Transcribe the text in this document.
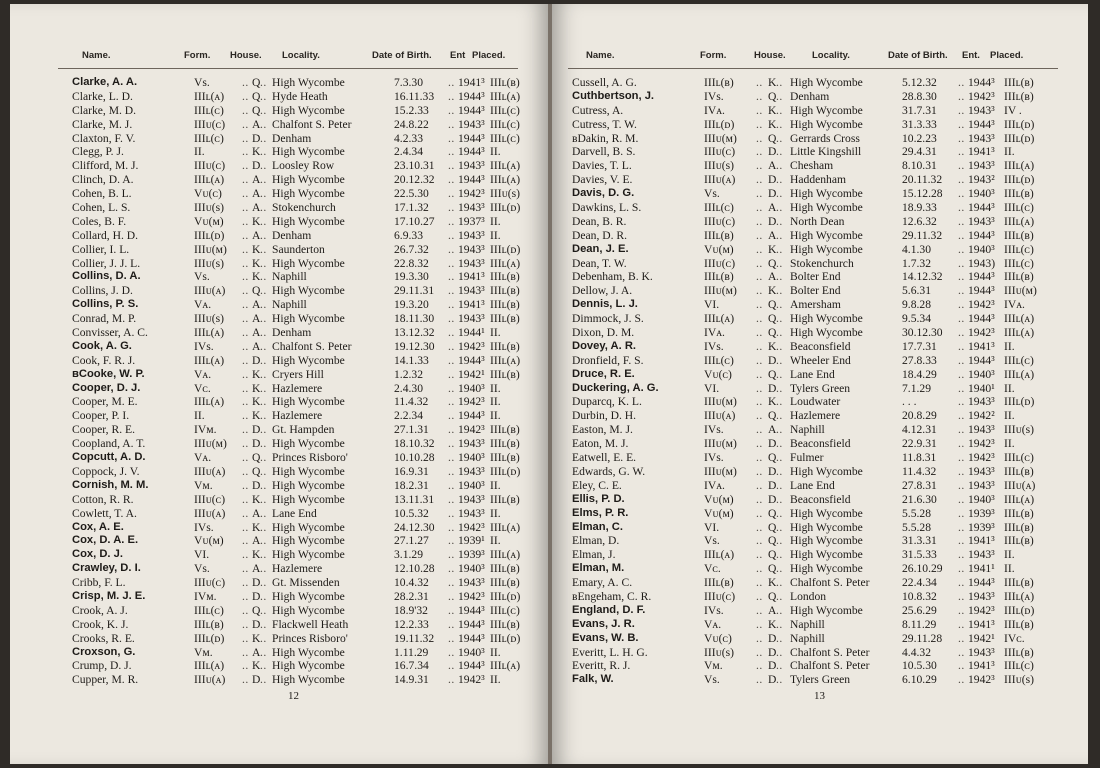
Name.	Form. House. Locality.	Date of Birth. Ent Placed.
Clarke, A. A.	Vs.	.. Q .. High Wycombe	7.3.30 .. 1941³ IIIʟ(ʙ)
Clarke, L. D.	IIIʟ(ᴀ) .. Q .. Hyde Heath	16.11.33 .. 1944³ IIIʟ(ᴀ)
Clarke, M. D.	IIIʟ(ᴄ) .. Q .. High Wycombe	15.2.33 .. 1944³ IIIʟ(ᴄ)
Clarke, M. J.	IIIᴜ(ᴄ) .. A .. Chalfont S. Peter	24.8.22 .. 1943³ IIIʟ(ᴄ)
Claxton, F. V.	IIIʟ(ᴄ) .. D .. Denham	4.2.33 .. 1944³ IIIʟ(ᴄ)
Clegg, P. J.	II.	.. K .. High Wycombe	2.4.34 .. 1944³ II.
Clifford, M. J.	IIIᴜ(ᴄ) .. D .. Loosley Row	23.10.31 .. 1943³ IIIʟ(ᴀ)
Clinch, D. A.	IIIʟ(ᴀ) .. A .. High Wycombe	20.12.32 .. 1944³ IIIʟ(ᴀ)
Cohen, B. L.	Vᴜ(ᴄ) .. A .. High Wycombe	22.5.30 .. 1942³ IIIᴜ(s)
Cohen, L. S.	IIIᴜ(s) .. A .. Stokenchurch	17.1.32 .. 1943³ IIIʟ(ᴅ)
Coles, B. F.	Vᴜ(ᴍ) .. K .. High Wycombe	17.10.27 .. 1937³ II.
Collard, H. D.	IIIʟ(ᴅ) .. A .. Denham	6.9.33 .. 1943³ II.
Collier, I. L.	IIIᴜ(ᴍ) .. K .. Saunderton	26.7.32 .. 1943³ IIIʟ(ᴅ)
Collier, J. J. L.	IIIᴜ(s) .. K .. High Wycombe	22.8.32 .. 1943³ IIIʟ(ᴀ)
Collins, D. A.	Vs.	.. K .. Naphill	19.3.30 .. 1941³ IIIʟ(ʙ)
Collins, J. D.	IIIᴜ(ᴀ) .. Q .. High Wycombe	29.11.31 .. 1943³ IIIʟ(ʙ)
Collins, P. S.	Vᴀ.	.. A .. Naphill	19.3.20 .. 1941³ IIIʟ(ʙ)
Conrad, M. P.	IIIᴜ(s) .. A .. High Wycombe	18.11.30 .. 1943³ IIIʟ(ʙ)
Convisser, A. C.	IIIʟ(ᴀ) .. A .. Denham	13.12.32 .. 1944¹ II.
Cook, A. G.	IVs. .. A .. Chalfont S. Peter	19.12.30 .. 1942³ IIIʟ(ʙ)
Cook, F. R. J.	IIIʟ(ᴀ) .. D .. High Wycombe	14.1.33 .. 1944³ IIIʟ(ᴀ)
ʙCooke, W. P.	Vᴀ.	.. K .. Cryers Hill	1.2.32 .. 1942¹ IIIʟ(ʙ)
Cooper, D. J.	Vᴄ.	.. K .. Hazlemere	2.4.30 .. 1940³ II.
Cooper, M. E.	IIIʟ(ᴀ) .. K .. High Wycombe	11.4.32 .. 1942³ II.
Cooper, P. I.	II.	.. K .. Hazlemere	2.2.34 .. 1944³ II.
Cooper, R. E.	IVᴍ. .. D .. Gt. Hampden	27.1.31 .. 1942³ IIIʟ(ʙ)
Coopland, A. T.	IIIᴜ(ᴍ) .. D .. High Wycombe	18.10.32 .. 1943³ IIIʟ(ʙ)
Copcutt, A. D.	Vᴀ.	.. Q .. Princes Risboro'	10.10.28 .. 1940³ IIIʟ(ʙ)
Coppock, J. V.	IIIᴜ(ᴀ) .. Q .. High Wycombe	16.9.31 .. 1943³ IIIʟ(ᴅ)
Cornish, M. M.	Vᴍ.	.. D .. High Wycombe	18.2.31 .. 1940³ II.
Cotton, R. R.	IIIᴜ(ᴄ) .. K .. High Wycombe	13.11.31 .. 1943³ IIIʟ(ʙ)
Cowlett, T. A.	IIIᴜ(ᴀ) .. A .. Lane End	10.5.32 .. 1943³ II.
Cox, A. E.	IVs. .. K .. High Wycombe	24.12.30 .. 1942³ IIIʟ(ᴀ)
Cox, D. A. E.	Vᴜ(ᴍ) .. A .. High Wycombe	27.1.27 .. 1939¹ II.
Cox, D. J.	VI.	.. K .. High Wycombe	3.1.29 .. 1939³ IIIʟ(ᴀ)
Crawley, D. I.	Vs.	.. A .. Hazlemere	12.10.28 .. 1940³ IIIʟ(ʙ)
Cribb, F. L.	IIIᴜ(ᴄ) .. D .. Gt. Missenden	10.4.32 .. 1943³ IIIʟ(ʙ)
Crisp, M. J. E.	IVᴍ. .. D .. High Wycombe	28.2.31 .. 1942³ IIIʟ(ᴅ)
Crook, A. J.	IIIʟ(ᴄ) .. Q .. High Wycombe	18.9'32 .. 1944³ IIIʟ(ᴄ)
Crook, K. J.	IIIʟ(ʙ) .. D .. Flackwell Heath	12.2.33 .. 1944³ IIIʟ(ʙ)
Crooks, R. E.	IIIʟ(ᴅ) .. K .. Princes Risboro'	19.11.32 .. 1944³ IIIʟ(ᴅ)
Croxson, G.	Vᴍ.	.. A .. High Wycombe	1.11.29 .. 1940³ II.
Crump, D. J.	IIIʟ(ᴀ) .. K .. High Wycombe	16.7.34 .. 1944³ IIIʟ(ᴀ)
Cupper, M. R.	IIIᴜ(ᴀ) .. D .. High Wycombe	14.9.31 .. 1942³ II.
12
Name.	Form.	House.	Locality.	Date of Birth. Ent. Placed.
Cussell, A. G.	IIIʟ(ʙ) .. K .. High Wycombe	5.12.32 .. 1944³ IIIʟ(ʙ)
Cuthbertson, J.	IVs.	.. Q .. Denham	28.8.30 .. 1942³ IIIʟ(ʙ)
Cutress, A.	IVᴀ.	.. K .. High Wycombe	31.7.31 .. 1943³ IV .
Cutress, T. W.	IIIʟ(ᴅ) .. K .. High Wycombe	31.3.33 .. 1944³ IIIʟ(ᴅ)
ʙDakin, R. M.	IIIᴜ(ᴍ) .. Q .. Gerrards Cross	10.2.23 .. 1943³ IIIʟ(ᴅ)
Darvell, B. S.	IIIᴜ(ᴄ) .. D .. Little Kingshill	29.4.31 .. 1941³ II.
Davies, T. L.	IIIᴜ(s) .. A .. Chesham	8.10.31 .. 1943³ IIIʟ(ᴀ)
Davies, V. E.	IIIᴜ(ᴀ) .. D .. Haddenham	20.11.32 .. 1943² IIIʟ(ᴅ)
Davis, D. G.	Vs.	.. D .. High Wycombe	15.12.28 .. 1940³ IIIʟ(ʙ)
Dawkins, L. S.	IIIʟ(ᴄ) .. A .. High Wycombe	18.9.33 .. 1944³ IIIʟ(ᴄ)
Dean, B. R.	IIIᴜ(ᴄ) .. D .. North Dean	12.6.32 .. 1943³ IIIʟ(ᴀ)
Dean, D. R.	IIIʟ(ʙ) .. A .. High Wycombe	29.11.32 .. 1944³ IIIʟ(ʙ)
Dean, J. E.	Vᴜ(ᴍ) .. K .. High Wycombe	4.1.30 .. 1940³ IIIʟ(ᴄ)
Dean, T. W.	IIIᴜ(ᴄ) .. Q .. Stokenchurch	1.7.32 .. 1943) IIIʟ(ᴄ)
Debenham, B. K.	IIIʟ(ʙ) .. A .. Bolter End	14.12.32 .. 1944³ IIIʟ(ʙ)
Dellow, J. A.	IIIᴜ(ᴍ) .. K .. Bolter End	5.6.31 .. 1944³ IIIᴜ(ᴍ)
Dennis, L. J.	VI.	.. Q .. Amersham	9.8.28 .. 1942³ IVᴀ.
Dimmock, J. S.	IIIʟ(ᴀ) .. Q .. High Wycombe	9.5.34 .. 1944³ IIIʟ(ᴀ)
Dixon, D. M.	IVᴀ.	.. Q .. High Wycombe	30.12.30 .. 1942³ IIIʟ(ᴀ)
Dovey, A. R.	IVs.	.. K .. Beaconsfield	17.7.31 .. 1941³ II.
Dronfield, F. S.	IIIʟ(ᴄ) .. D .. Wheeler End	27.8.33 .. 1944³ IIIʟ(ᴄ)
Druce, R. E.	Vᴜ(ᴄ) .. Q .. Lane End	18.4.29 .. 1940³ IIIʟ(ᴀ)
Duckering, A. G.	VI.	.. D .. Tylers Green	7.1.29 .. 1940¹ II.
Duparcq, K. L.	IIIᴜ(ᴍ) .. K .. Loudwater	. . .	.. 1943³ IIIʟ(ᴅ)
Durbin, D. H.	IIIᴜ(ᴀ) .. Q .. Hazlemere	20.8.29 .. 1942² II.
Easton, M. J.	IVs.	.. A .. Naphill	4.12.31 .. 1943³ IIIᴜ(s)
Eaton, M. J.	IIIᴜ(ᴍ) .. D .. Beaconsfield	22.9.31 .. 1942³ II.
Eatwell, E. E.	IVs.	.. Q .. Fulmer	11.8.31 .. 1942³ IIIʟ(ᴄ)
Edwards, G. W.	IIIᴜ(ᴍ) .. D .. High Wycombe	11.4.32 .. 1943³ IIIʟ(ʙ)
Eley, C. E.	IVᴀ.	.. D .. Lane End	27.8.31 .. 1943³ IIIᴜ(ᴀ)
Ellis, P. D.	Vᴜ(ᴍ) .. D .. Beaconsfield	21.6.30 .. 1940³ IIIʟ(ᴀ)
Elms, P. R.	Vᴜ(ᴍ) .. Q .. High Wycombe	5.5.28 .. 1939³ IIIʟ(ʙ)
Elman, C.	VI.	.. Q .. High Wycombe	5.5.28 .. 1939³ IIIʟ(ʙ)
Elman, D.	Vs.	.. Q .. High Wycombe	31.3.31 .. 1941³ IIIʟ(ʙ)
Elman, J.	IIIʟ(ᴀ) .. Q .. High Wycombe	31.5.33 .. 1943³ II.
Elman, M.	Vᴄ.	.. Q .. High Wycombe	26.10.29 .. 1941¹ II.
Emary, A. C.	IIIʟ(ʙ) .. K .. Chalfont S. Peter	22.4.34 .. 1944³ IIIʟ(ʙ)
ʙEngeham, C. R.	IIIᴜ(ᴄ) .. Q .. London	10.8.32 .. 1943³ IIIʟ(ᴀ)
England, D. F.	IVs.	.. A .. High Wycombe	25.6.29 .. 1942³ IIIʟ(ᴅ)
Evans, J. R.	Vᴀ.	.. K .. Naphill	8.11.29 .. 1941³ IIIʟ(ʙ)
Evans, W. B.	Vᴜ(ᴄ) .. D .. Naphill	29.11.28 .. 1942¹ IVᴄ.
Everitt, L. H. G.	IIIᴜ(s) .. D .. Chalfont S. Peter	4.4.32 .. 1943³ IIIʟ(ʙ)
Everitt, R. J.	Vᴍ.	.. D .. Chalfont S. Peter	10.5.30 .. 1941³ IIIʟ(ᴄ)
Falk, W.	Vs.	.. D .. Tylers Green	6.10.29 .. 1942³ IIIᴜ(s)
13
